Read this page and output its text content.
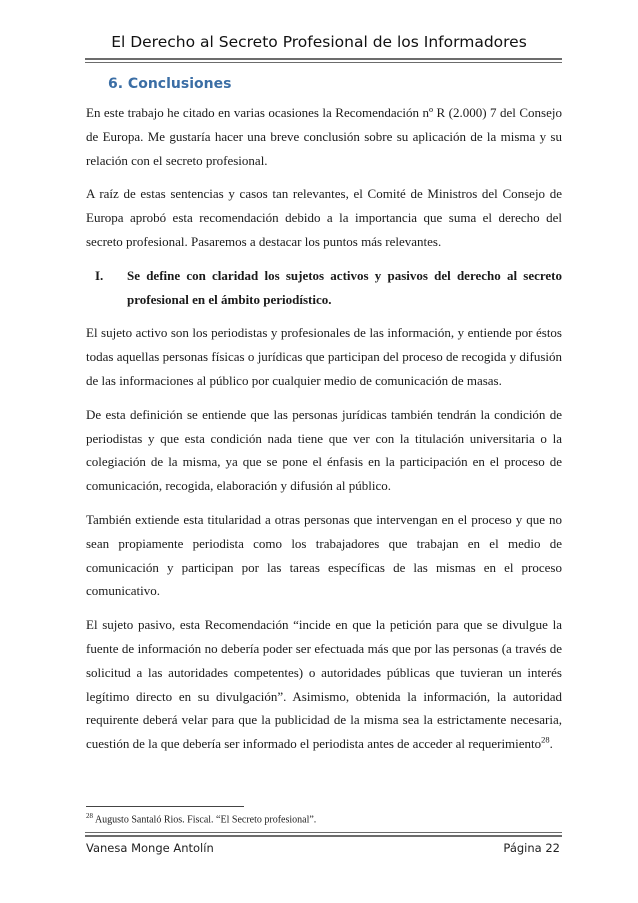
El Derecho al Secreto Profesional de los Informadores
6. Conclusiones

En este trabajo he citado en varias ocasiones la Recomendación nº R (2.000) 7 del Consejo de Europa. Me gustaría hacer una breve conclusión sobre su aplicación de la misma y su relación con el secreto profesional.

A raíz de estas sentencias y casos tan relevantes, el Comité de Ministros del Consejo de Europa aprobó esta recomendación debido a la importancia que suma el derecho del secreto profesional. Pasaremos a destacar los puntos más relevantes.

I.	Se define con claridad los sujetos activos y pasivos del derecho al secreto profesional en el ámbito periodístico.

El sujeto activo son los periodistas y profesionales de las información, y entiende por éstos todas aquellas personas físicas o jurídicas que participan del proceso de recogida y difusión de las informaciones al público por cualquier medio de comunicación de masas.

De esta definición se entiende que las personas jurídicas también tendrán la condición de periodistas y que esta condición nada tiene que ver con la titulación universitaria o la colegiación de la misma, ya que se pone el énfasis en la participación en el proceso de comunicación, recogida, elaboración y difusión al público.

También extiende esta titularidad a otras personas que intervengan en el proceso y que no sean propiamente periodista como los trabajadores que trabajan en el medio de comunicación y participan por las tareas específicas de las mismas en el proceso comunicativo.

El sujeto pasivo, esta Recomendación “incide en que la petición para que se divulgue la fuente de información no debería poder ser efectuada más que por las personas (a través de solicitud a las autoridades competentes) o autoridades públicas que tuvieran un interés legítimo directo en su divulgación”. Asimismo, obtenida la información, la autoridad requirente deberá velar para que la publicidad de la misma sea la estrictamente necesaria, cuestión de la que debería ser informado el periodista antes de acceder al requerimiento$^{28}$.

$^{28}$ Augusto Santaló Rios. Fiscal. “El Secreto profesional”.
Vanesa Monge Antolín	Página 22
